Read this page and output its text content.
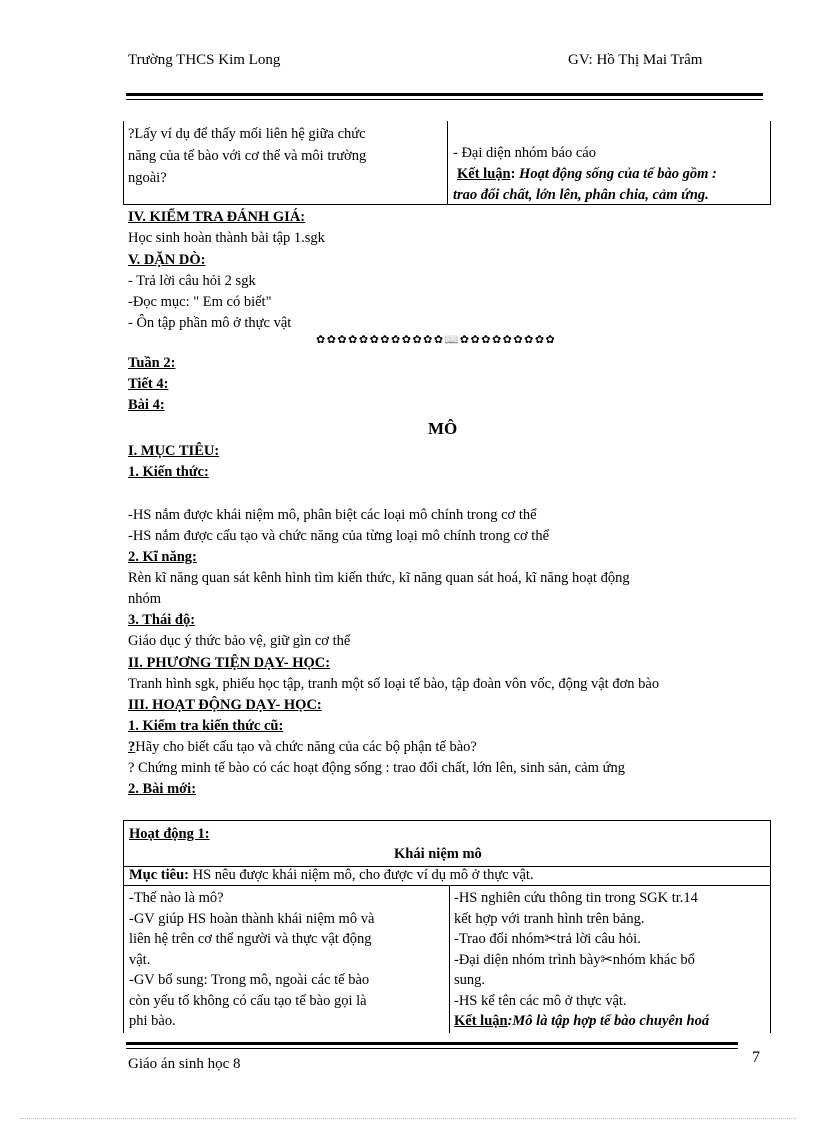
Trường THCS Kim Long	GV: Hồ Thị Mai Trâm
?Lấy ví dụ để thấy mối liên hệ giữa chức
năng của tế bào với cơ thể và môi trường
ngoài?
- Đại diện nhóm báo cáo
Kết luận: Hoạt động sống của tế bào gồm :
trao đổi chất, lớn lên, phân chia, cảm ứng.
IV. KIỂM TRA ĐÁNH GIÁ:
Học sinh hoàn thành bài tập 1.sgk
V. DẶN DÒ:
- Trả lời câu hỏi 2 sgk
-Đọc mục: " Em có biết"
- Ôn tập phần mô ở thực vật
✿✿✿✿✿✿✿✿✿✿✿✿📖✿✿✿✿✿✿✿✿✿
Tuần 2:
Tiết 4:
Bài 4:
MÔ
I. MỤC TIÊU:
1. Kiến thức:
-HS nắm được khái niệm mô, phân biệt các loại mô chính trong cơ thể
-HS nắm được cấu tạo và chức năng của từng loại mô chính trong cơ thể
2. Kĩ năng:
Rèn kĩ năng quan sát kênh hình tìm kiến thức, kĩ năng quan sát hoá, kĩ năng hoạt động
nhóm
3. Thái độ:
Giáo dục ý thức bảo vệ, giữ gìn cơ thể
II. PHƯƠNG TIỆN DẠY- HỌC:
Tranh hình sgk, phiếu học tập, tranh một số loại tế bào, tập đoàn vôn vốc, động vật đơn bào
III. HOẠT ĐỘNG DẠY- HỌC:
1. Kiểm tra kiến thức cũ:
?Hãy cho biết cấu tạo và chức năng của các bộ phận tế bào?
? Chứng minh tế bào có các hoạt động sống : trao đổi chất, lớn lên, sinh sản, cảm ứng
2. Bài mới:
Hoạt động 1:
Khái niệm mô
Mục tiêu: HS nêu được khái niệm mô, cho được ví dụ mô ở thực vật.
-Thế nào là mô?
-GV giúp HS hoàn thành khái niệm mô và
liên hệ trên cơ thể người và thực vật động
vật.
-GV bổ sung: Trong mô, ngoài các tế bào
còn yếu tố không có cấu tạo tế bào gọi là
phi bào.
-HS nghiên cứu thông tin trong SGK tr.14
kết hợp với tranh hình trên bảng.
-Trao đổi nhóm✂trả lời câu hỏi.
-Đại diện nhóm trình bày✂nhóm khác bổ
sung.
-HS kể tên các mô ở thực vật.
Kết luận:Mô là tập hợp tế bào chuyên hoá
Giáo án sinh học 8	7
